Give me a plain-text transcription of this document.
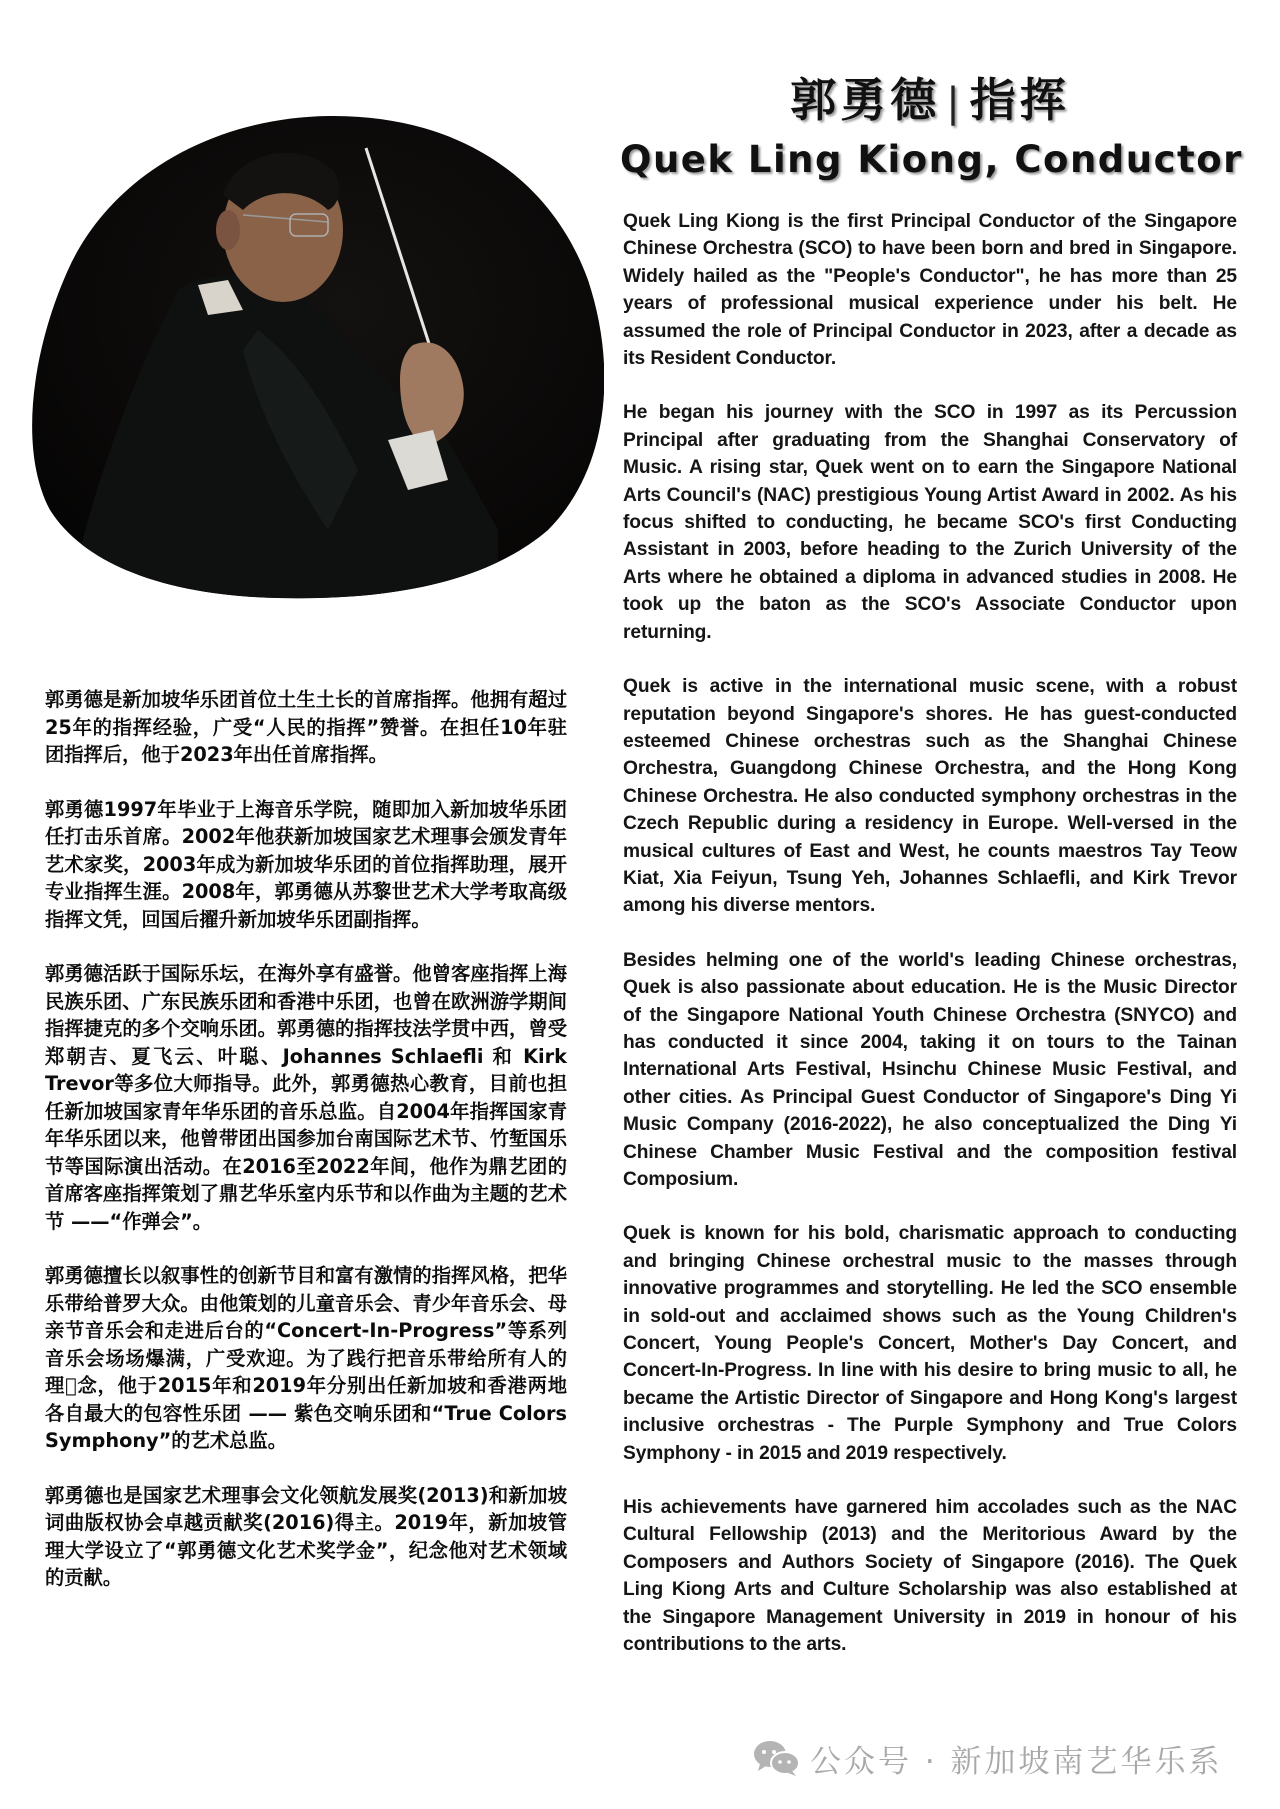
郭勇德 | 指挥
Quek Ling Kiong, Conductor

Quek Ling Kiong is the first Principal Conductor of the Singapore Chinese Orchestra (SCO) to have been born and bred in Singapore. Widely hailed as the "People's Conductor", he has more than 25 years of professional musical experience under his belt. He assumed the role of Principal Conductor in 2023, after a decade as its Resident Conductor.

He began his journey with the SCO in 1997 as its Percussion Principal after graduating from the Shanghai Conservatory of Music. A rising star, Quek went on to earn the Singapore National Arts Council's (NAC) prestigious Young Artist Award in 2002. As his focus shifted to conducting, he became SCO's first Conducting Assistant in 2003, before heading to the Zurich University of the Arts where he obtained a diploma in advanced studies in 2008. He took up the baton as the SCO's Associate Conductor upon returning.

Quek is active in the international music scene, with a robust reputation beyond Singapore's shores. He has guest-conducted esteemed Chinese orchestras such as the Shanghai Chinese Orchestra, Guangdong Chinese Orchestra, and the Hong Kong Chinese Orchestra. He also conducted symphony orchestras in the Czech Republic during a residency in Europe. Well-versed in the musical cultures of East and West, he counts maestros Tay Teow Kiat, Xia Feiyun, Tsung Yeh, Johannes Schlaefli, and Kirk Trevor among his diverse mentors.

Besides helming one of the world's leading Chinese orchestras, Quek is also passionate about education. He is the Music Director of the Singapore National Youth Chinese Orchestra (SNYCO) and has conducted it since 2004, taking it on tours to the Tainan International Arts Festival, Hsinchu Chinese Music Festival, and other cities. As Principal Guest Conductor of Singapore's Ding Yi Music Company (2016-2022), he also conceptualized the Ding Yi Chinese Chamber Music Festival and the composition festival Composium.

Quek is known for his bold, charismatic approach to conducting and bringing Chinese orchestral music to the masses through innovative programmes and storytelling. He led the SCO ensemble in sold-out and acclaimed shows such as the Young Children's Concert, Young People's Concert, Mother's Day Concert, and Concert-In-Progress. In line with his desire to bring music to all, he became the Artistic Director of Singapore and Hong Kong's largest inclusive orchestras - The Purple Symphony and True Colors Symphony - in 2015 and 2019 respectively.

His achievements have garnered him accolades such as the NAC Cultural Fellowship (2013) and the Meritorious Award by the Composers and Authors Society of Singapore (2016). The Quek Ling Kiong Arts and Culture Scholarship was also established at the Singapore Management University in 2019 in honour of his contributions to the arts.

郭勇德是新加坡华乐团首位土生土长的首席指挥。他拥有超过25年的指挥经验，广受“人民的指挥”赞誉。在担任10年驻团指挥后，他于2023年出任首席指挥。

郭勇德1997年毕业于上海音乐学院，随即加入新加坡华乐团任打击乐首席。2002年他获新加坡国家艺术理事会颁发青年艺术家奖，2003年成为新加坡华乐团的首位指挥助理，展开专业指挥生涯。2008年，郭勇德从苏黎世艺术大学考取高级指挥文凭，回国后擢升新加坡华乐团副指挥。

郭勇德活跃于国际乐坛，在海外享有盛誉。他曾客座指挥上海民族乐团、广东民族乐团和香港中乐团，也曾在欧洲游学期间指挥捷克的多个交响乐团。郭勇德的指挥技法学贯中西，曾受郑朝吉、夏飞云、叶聪、Johannes Schlaefli 和 Kirk Trevor等多位大师指导。此外，郭勇德热心教育，目前也担任新加坡国家青年华乐团的音乐总监。自2004年指挥国家青年华乐团以来，他曾带团出国参加台南国际艺术节、竹堑国乐节等国际演出活动。在2016至2022年间，他作为鼎艺团的首席客座指挥策划了鼎艺华乐室内乐节和以作曲为主题的艺术节 ——“作弹会”。

郭勇德擅长以叙事性的创新节目和富有激情的指挥风格，把华乐带给普罗大众。由他策划的儿童音乐会、青少年音乐会、母亲节音乐会和走进后台的“Concert-In-Progress”等系列音乐会场场爆满，广受欢迎。为了践行把音乐带给所有人的理 念，他于2015年和2019年分别出任新加坡和香港两地各自最大的包容性乐团 —— 紫色交响乐团和“True Colors Symphony”的艺术总监。

郭勇德也是国家艺术理事会文化领航发展奖(2013)和新加坡词曲版权协会卓越贡献奖(2016)得主。2019年，新加坡管理大学设立了“郭勇德文化艺术奖学金”，纪念他对艺术领域的贡献。

公众号 · 新加坡南艺华乐系
